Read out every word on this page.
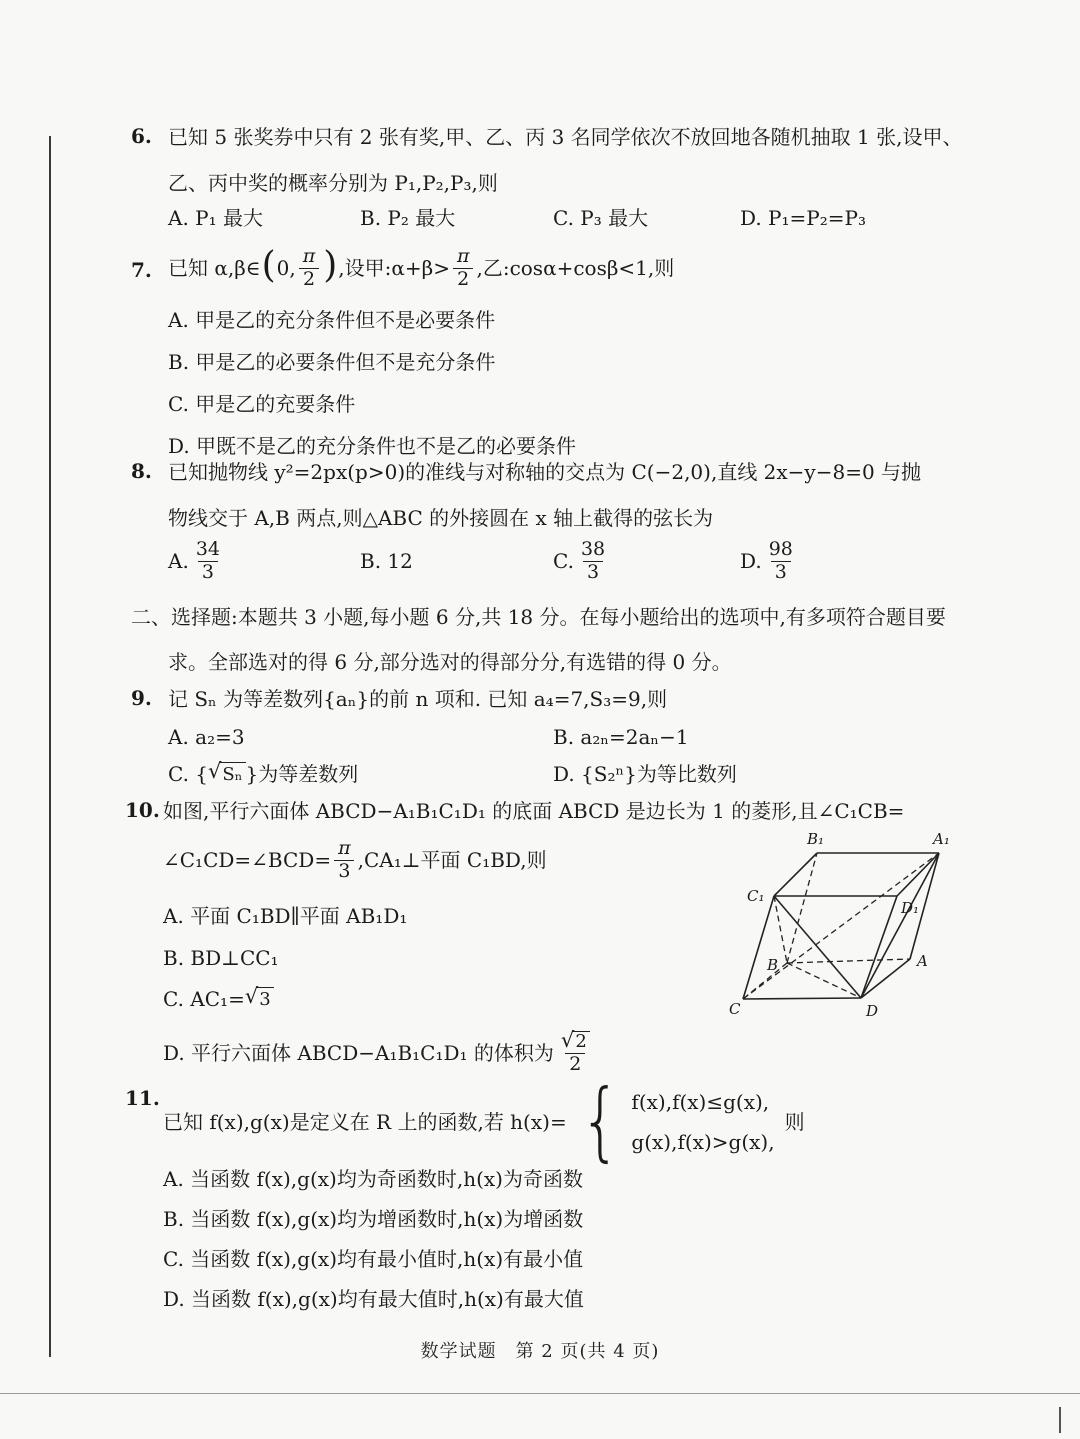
6. 已知 5 张奖券中只有 2 张有奖,甲、乙、丙 3 名同学依次不放回地各随机抽取 1 张,设甲、
乙、丙中奖的概率分别为 P₁,P₂,P₃,则
A. P₁ 最大	B. P₂ 最大	C. P₃ 最大	D. P₁=P₂=P₃
7. 已知 α,β∈ ( 0, $\frac{\pi}{2}$ ) ,设甲:α+β> $\frac{\pi}{2}$ ,乙:cosα+cosβ<1,则
A. 甲是乙的充分条件但不是必要条件
B. 甲是乙的必要条件但不是充分条件
C. 甲是乙的充要条件
D. 甲既不是乙的充分条件也不是乙的必要条件
8. 已知抛物线 y²=2px(p>0)的准线与对称轴的交点为 C(−2,0),直线 2x−y−8=0 与抛
物线交于 A,B 两点,则△ABC 的外接圆在 x 轴上截得的弦长为
A. $\frac{34}{3}$	B. 12	C. $\frac{38}{3}$	D. $\frac{98}{3}$
二、选择题:本题共 3 小题,每小题 6 分,共 18 分。在每小题给出的选项中,有多项符合题目要
求。全部选对的得 6 分,部分选对的得部分分,有选错的得 0 分。
9. 记 Sₙ 为等差数列{aₙ}的前 n 项和. 已知 a₄=7,S₃=9,则
A. a₂=3	B. a₂ₙ=2aₙ−1
C. { √ Sₙ }为等差数列	D. {S₂ⁿ}为等比数列
10. 如图,平行六面体 ABCD−A₁B₁C₁D₁ 的底面 ABCD 是边长为 1 的菱形,且∠C₁CB=
∠C₁CD=∠BCD= $\frac{\pi}{3}$ ,CA₁⊥平面 C₁BD,则
A. 平面 C₁BD∥平面 AB₁D₁
B. BD⊥CC₁
C. AC₁= √ 3
D. 平行六面体 ABCD−A₁B₁C₁D₁ 的体积为 $\frac{√ 2}{2}$
B₁	A₁
C₁
D₁
B	A
C	D
11.
已知 f(x),g(x)是定义在 R 上的函数,若 h(x)= { f(x),f(x)≤g(x),
g(x),f(x)>g(x),
则
A. 当函数 f(x),g(x)均为奇函数时,h(x)为奇函数
B. 当函数 f(x),g(x)均为增函数时,h(x)为增函数
C. 当函数 f(x),g(x)均有最小值时,h(x)有最小值
D. 当函数 f(x),g(x)均有最大值时,h(x)有最大值
数学试题　第 2 页(共 4 页)
